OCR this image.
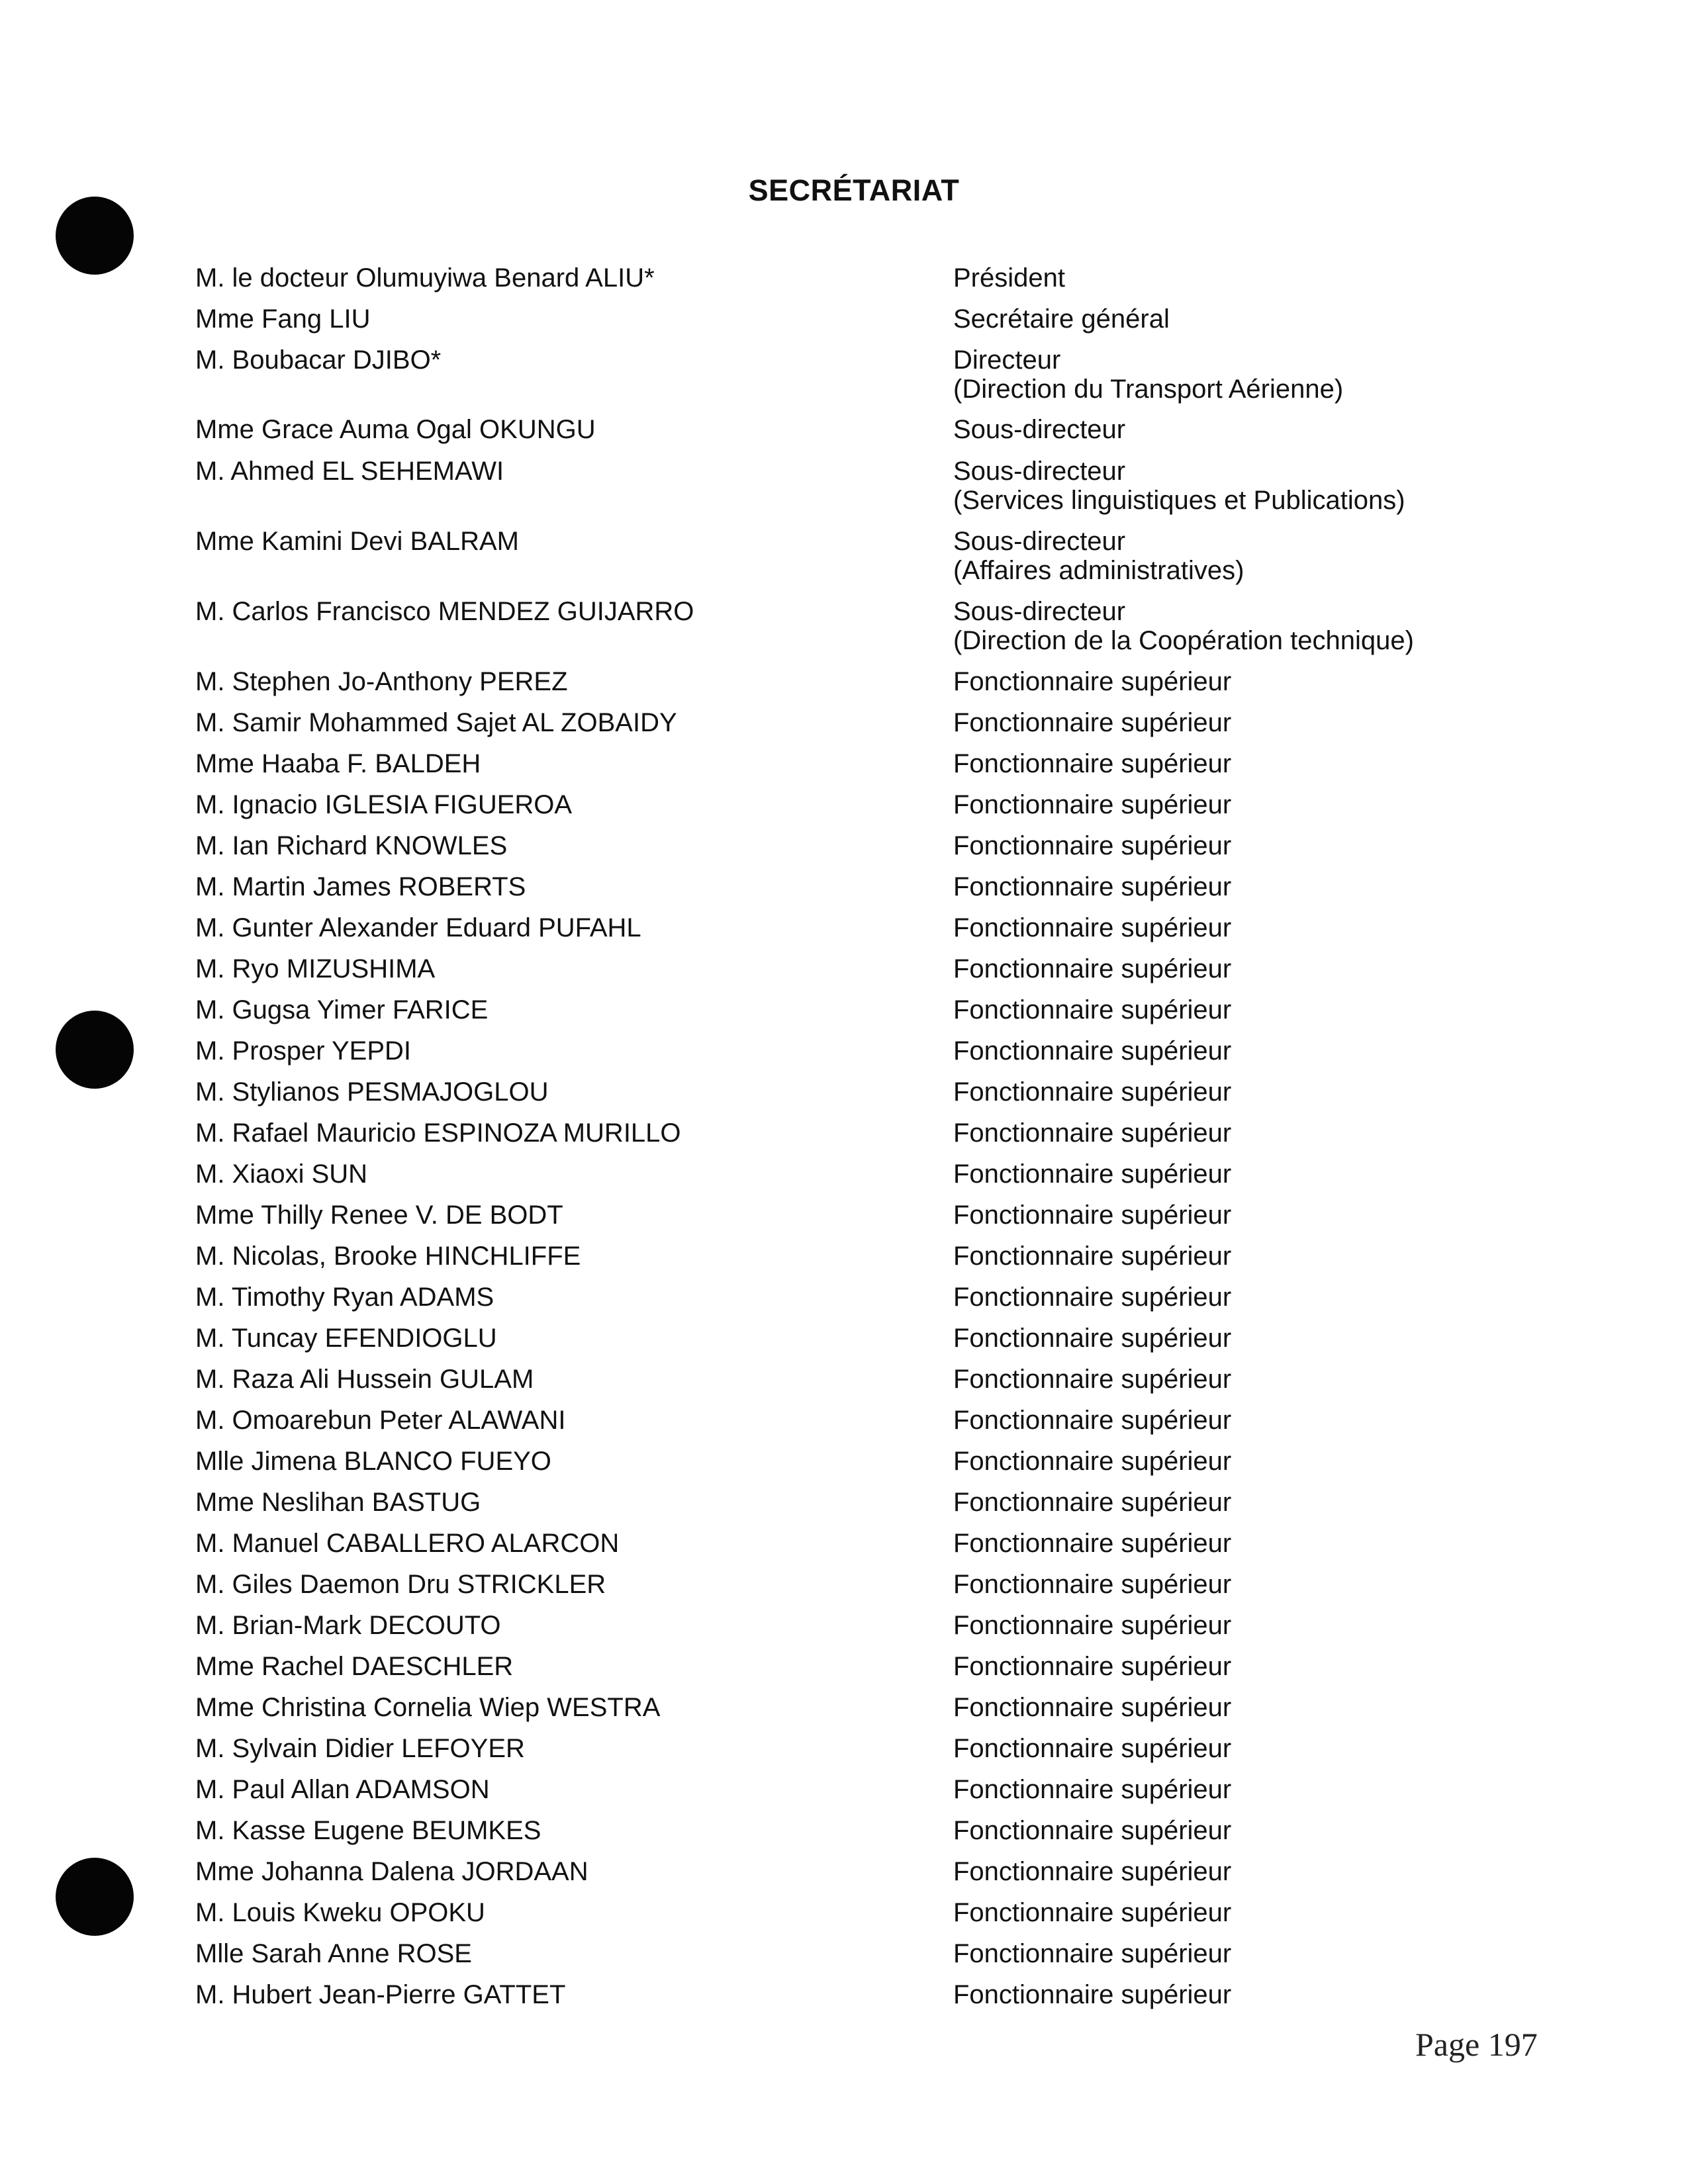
SECRÉTARIAT
M. le docteur Olumuyiwa Benard ALIU*	Président
Mme Fang LIU	Secrétaire général
M. Boubacar DJIBO*	Directeur
(Direction du Transport Aérienne)
Mme Grace Auma Ogal OKUNGU	Sous-directeur
M. Ahmed EL SEHEMAWI	Sous-directeur
(Services linguistiques et Publications)
Mme Kamini Devi BALRAM	Sous-directeur
(Affaires administratives)
M. Carlos Francisco MENDEZ GUIJARRO	Sous-directeur
(Direction de la Coopération technique)
M. Stephen Jo-Anthony PEREZ	Fonctionnaire supérieur
M. Samir Mohammed Sajet AL ZOBAIDY	Fonctionnaire supérieur
Mme Haaba F. BALDEH	Fonctionnaire supérieur
M. Ignacio IGLESIA FIGUEROA	Fonctionnaire supérieur
M. Ian Richard KNOWLES	Fonctionnaire supérieur
M. Martin James ROBERTS	Fonctionnaire supérieur
M. Gunter Alexander Eduard PUFAHL	Fonctionnaire supérieur
M. Ryo MIZUSHIMA	Fonctionnaire supérieur
M. Gugsa Yimer FARICE	Fonctionnaire supérieur
M. Prosper YEPDI	Fonctionnaire supérieur
M. Stylianos PESMAJOGLOU	Fonctionnaire supérieur
M. Rafael Mauricio ESPINOZA MURILLO	Fonctionnaire supérieur
M. Xiaoxi SUN	Fonctionnaire supérieur
Mme Thilly Renee V. DE BODT	Fonctionnaire supérieur
M. Nicolas, Brooke HINCHLIFFE	Fonctionnaire supérieur
M. Timothy Ryan ADAMS	Fonctionnaire supérieur
M. Tuncay EFENDIOGLU	Fonctionnaire supérieur
M. Raza Ali Hussein GULAM	Fonctionnaire supérieur
M. Omoarebun Peter ALAWANI	Fonctionnaire supérieur
Mlle Jimena BLANCO FUEYO	Fonctionnaire supérieur
Mme Neslihan BASTUG	Fonctionnaire supérieur
M. Manuel CABALLERO ALARCON	Fonctionnaire supérieur
M. Giles Daemon Dru STRICKLER	Fonctionnaire supérieur
M. Brian-Mark DECOUTO	Fonctionnaire supérieur
Mme Rachel DAESCHLER	Fonctionnaire supérieur
Mme Christina Cornelia Wiep WESTRA	Fonctionnaire supérieur
M. Sylvain Didier LEFOYER	Fonctionnaire supérieur
M. Paul Allan ADAMSON	Fonctionnaire supérieur
M. Kasse Eugene BEUMKES	Fonctionnaire supérieur
Mme Johanna Dalena JORDAAN	Fonctionnaire supérieur
M. Louis Kweku OPOKU	Fonctionnaire supérieur
Mlle Sarah Anne ROSE	Fonctionnaire supérieur
M. Hubert Jean-Pierre GATTET	Fonctionnaire supérieur
Page 197
